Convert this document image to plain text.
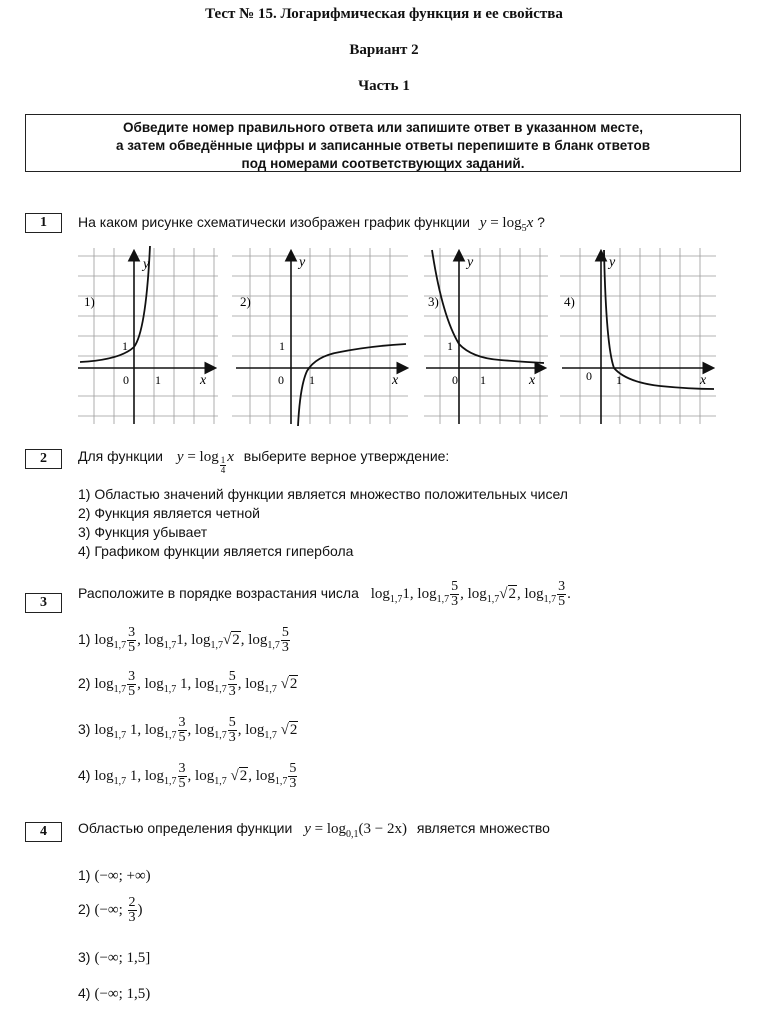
Тест № 15. Логарифмическая функция и ее свойства
Вариант 2
Часть 1
Обведите номер правильного ответа или запишите ответ в указанном месте,
а затем обведённые цифры и записанные ответы перепишите в бланк ответов
под номерами соответствующих заданий.
1	На каком рисунке схематически изображен график функции $y = \log_5x$ ?
1)
y
x
0 1
1
2)
y
x
0 1
1
3)
y
x
0 1
1
4)
y
x
0 1
2	Для функции $y = \log \frac{1}{4}$ x выберите верное утверждение:
1) Областью значений функции является множество положительных чисел
2) Функция является четной
3) Функция убывает
4) Графиком функции является гипербола
3
Расположите в порядке возрастания числа $\log_{1,7}1$, $\log_{1,7} \frac{5}{3}$ , $\log_{1,7}√2$, $\log_{1,7} \frac{3}{5}$ .
1) $\log_{1,7} \frac{3}{5}$ , $\log_{1,7}1$, $\log_{1,7}√2$, $\log_{1,7} \frac{5}{3}$
2) $\log_{1,7} \frac{3}{5}$ , $\log_{1,7} 1$, $\log_{1,7} \frac{5}{3}$ , $\log_{1,7} √2$
3) $\log_{1,7} 1$, $\log_{1,7} \frac{3}{5}$ , $\log_{1,7} \frac{5}{3}$ , $\log_{1,7} √2$
4) $\log_{1,7} 1$, $\log_{1,7} \frac{3}{5}$ , $\log_{1,7} √2$, $\log_{1,7} \frac{5}{3}$
4	Областью определения функции $y = \log_{0,1}(3 - 2x)$ является множество
1) (−∞; +∞)
2) (−∞; $\frac{2}{3}$ )
3) (−∞; 1,5]
4) (−∞; 1,5)
